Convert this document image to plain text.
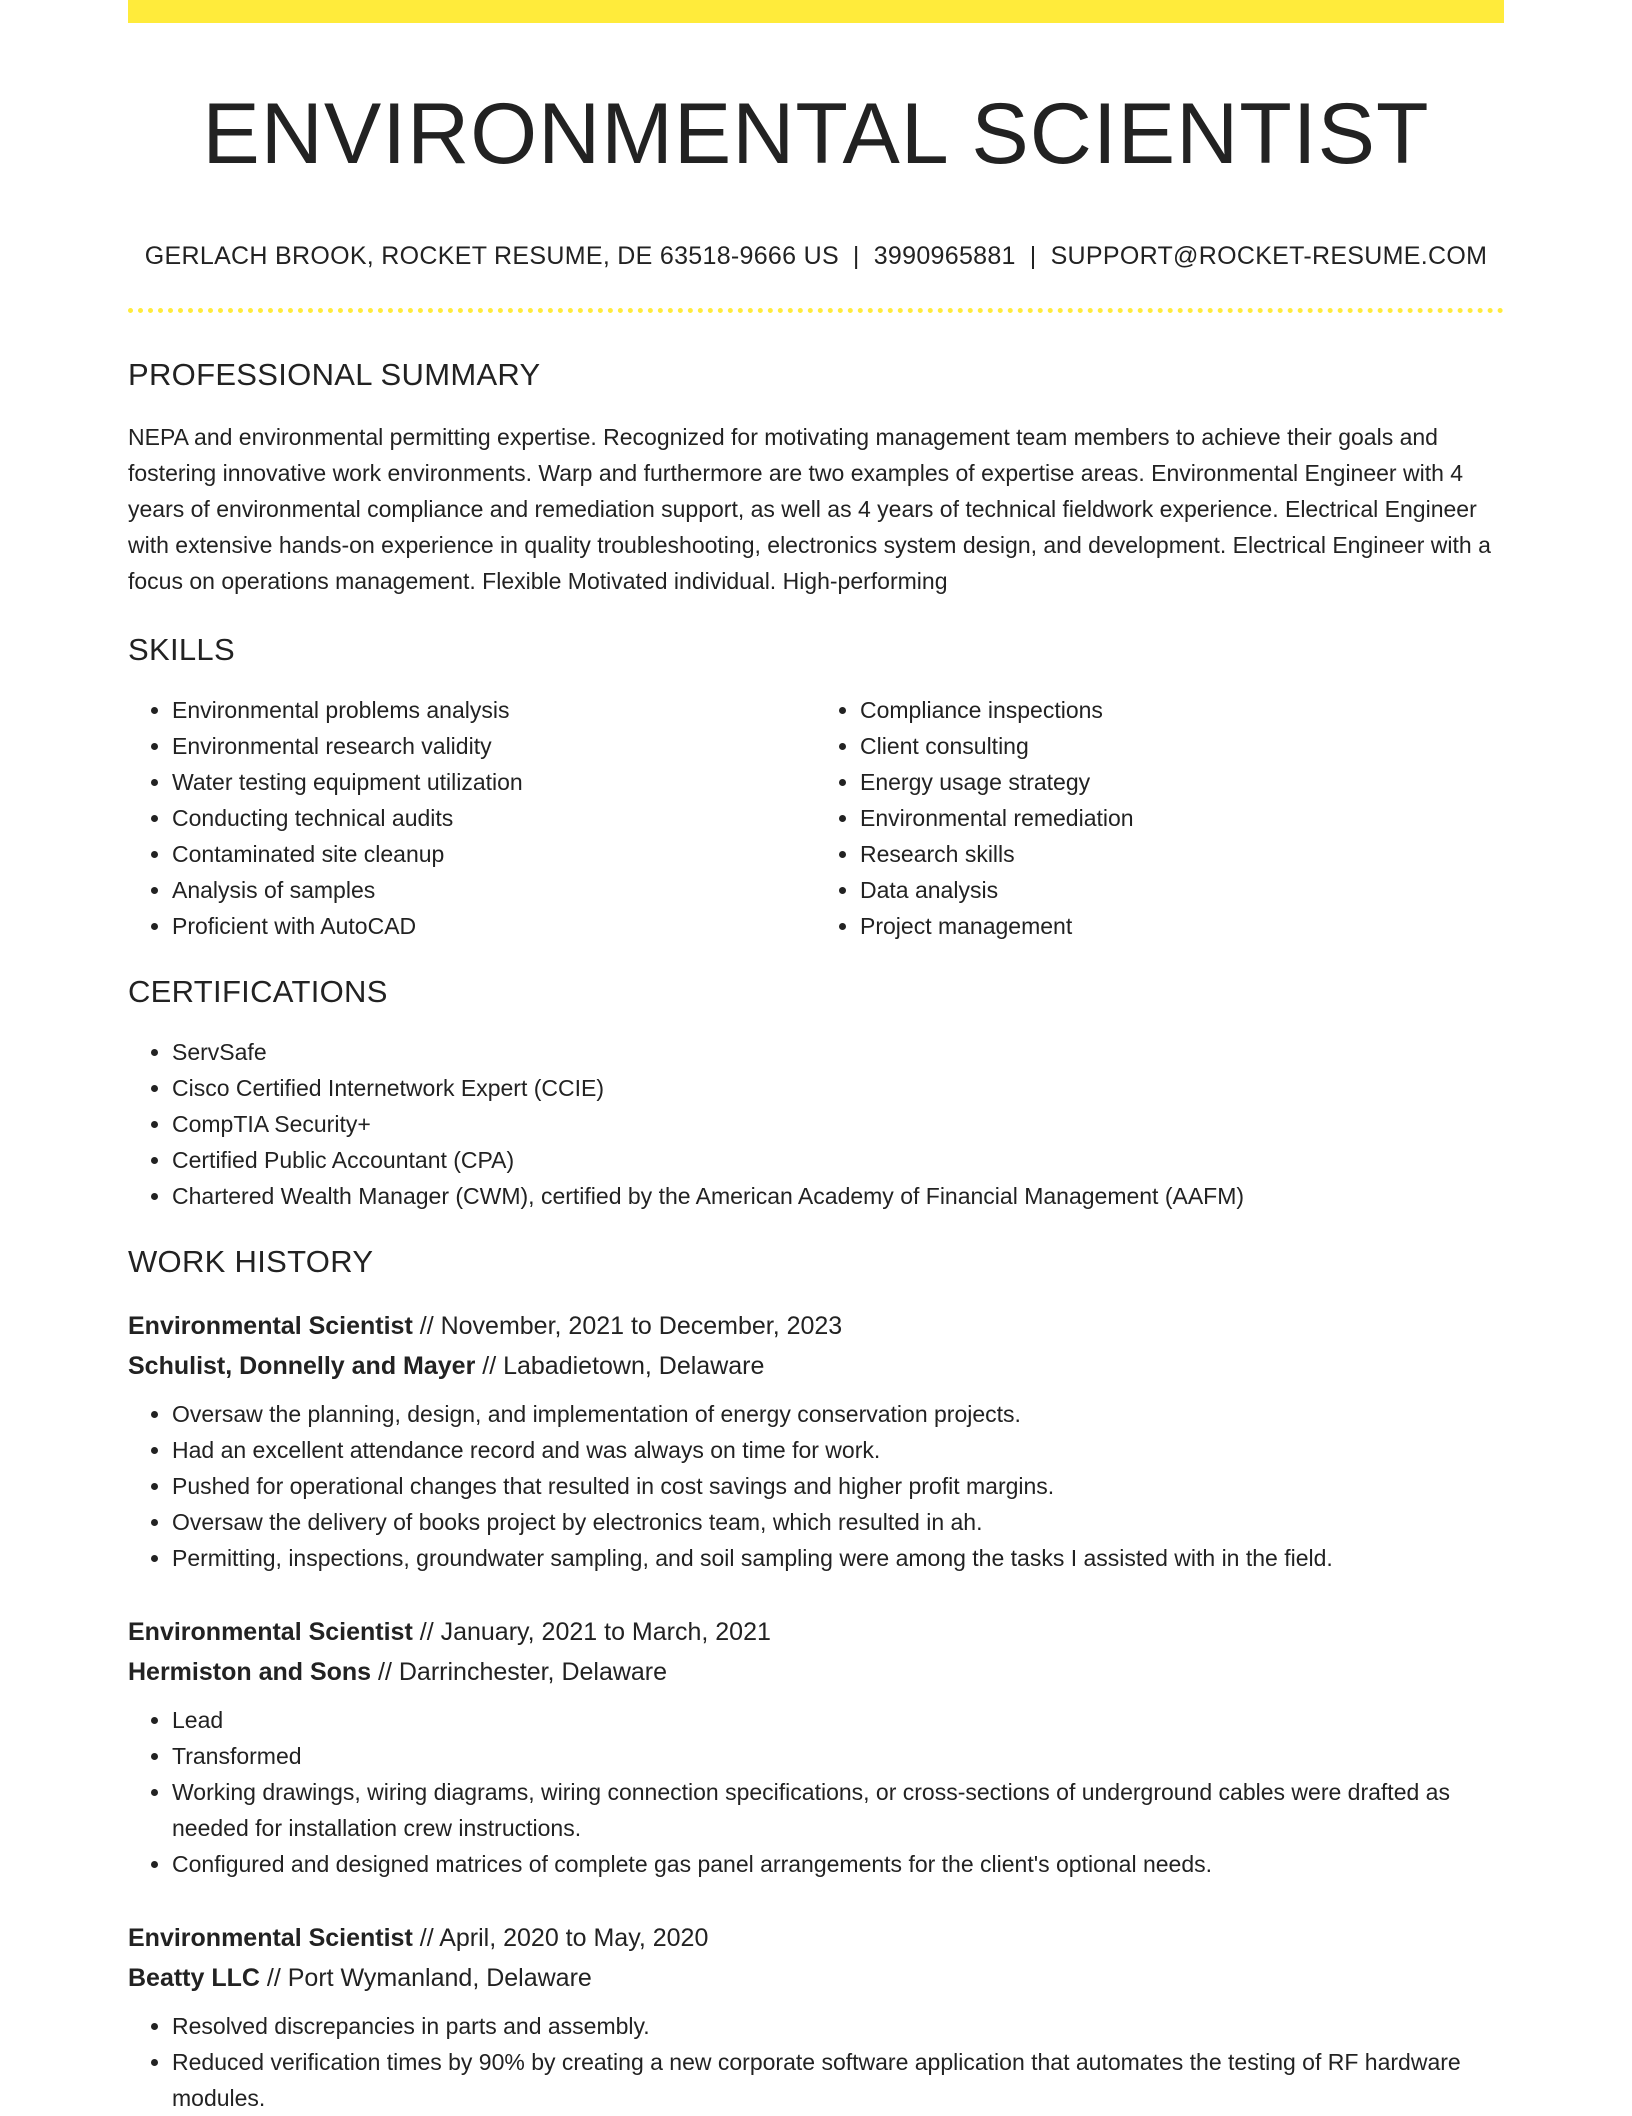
ENVIRONMENTAL SCIENTIST
GERLACH BROOK, ROCKET RESUME, DE 63518-9666 US | 3990965881 | SUPPORT@ROCKET-RESUME.COM
PROFESSIONAL SUMMARY
NEPA and environmental permitting expertise. Recognized for motivating management team members to achieve their goals and fostering innovative work environments. Warp and furthermore are two examples of expertise areas. Environmental Engineer with 4 years of environmental compliance and remediation support, as well as 4 years of technical fieldwork experience. Electrical Engineer with extensive hands-on experience in quality troubleshooting, electronics system design, and development. Electrical Engineer with a focus on operations management. Flexible Motivated individual. High-performing
SKILLS
• Environmental problems analysis
• Environmental research validity
• Water testing equipment utilization
• Conducting technical audits
• Contaminated site cleanup
• Analysis of samples
• Proficient with AutoCAD
• Compliance inspections
• Client consulting
• Energy usage strategy
• Environmental remediation
• Research skills
• Data analysis
• Project management
CERTIFICATIONS
• ServSafe
• Cisco Certified Internetwork Expert (CCIE)
• CompTIA Security+
• Certified Public Accountant (CPA)
• Chartered Wealth Manager (CWM), certified by the American Academy of Financial Management (AAFM)
WORK HISTORY
Environmental Scientist // November, 2021 to December, 2023
Schulist, Donnelly and Mayer // Labadietown, Delaware
• Oversaw the planning, design, and implementation of energy conservation projects.
• Had an excellent attendance record and was always on time for work.
• Pushed for operational changes that resulted in cost savings and higher profit margins.
• Oversaw the delivery of books project by electronics team, which resulted in ah.
• Permitting, inspections, groundwater sampling, and soil sampling were among the tasks I assisted with in the field.
Environmental Scientist // January, 2021 to March, 2021
Hermiston and Sons // Darrinchester, Delaware
• Lead
• Transformed
• Working drawings, wiring diagrams, wiring connection specifications, or cross-sections of underground cables were drafted as needed for installation crew instructions.
• Configured and designed matrices of complete gas panel arrangements for the client's optional needs.
Environmental Scientist // April, 2020 to May, 2020
Beatty LLC // Port Wymanland, Delaware
• Resolved discrepancies in parts and assembly.
• Reduced verification times by 90% by creating a new corporate software application that automates the testing of RF hardware modules.
